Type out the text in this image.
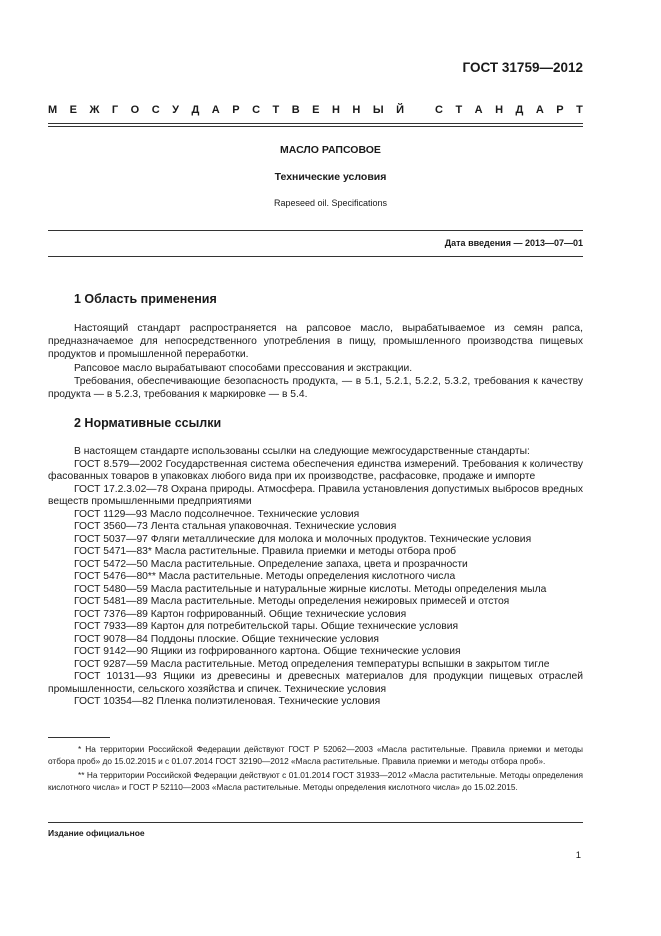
ГОСТ 31759—2012
М Е Ж Г О С У Д А Р С Т В Е Н Н Ы Й	С Т А Н Д А Р Т
МАСЛО РАПСОВОЕ
Технические условия
Rapeseed oil. Specifications
Дата введения — 2013—07—01
1 Область применения

Настоящий стандарт распространяется на рапсовое масло, вырабатываемое из семян рапса, предназначаемое для непосредственного употребления в пищу, промышленного производства пищевых продуктов и промышленной переработки.

Рапсовое масло вырабатывают способами прессования и экстракции.

Требования, обеспечивающие безопасность продукта, — в 5.1, 5.2.1, 5.2.2, 5.3.2, требования к качеству продукта — в 5.2.3, требования к маркировке — в 5.4.

2 Нормативные ссылки
В настоящем стандарте использованы ссылки на следующие межгосударственные стандарты:
ГОСТ 8.579—2002 Государственная система обеспечения единства измерений. Требования к количеству фасованных товаров в упаковках любого вида при их производстве, расфасовке, продаже и импорте
ГОСТ 17.2.3.02—78 Охрана природы. Атмосфера. Правила установления допустимых выбросов вредных веществ промышленными предприятиями
ГОСТ 1129—93 Масло подсолнечное. Технические условия
ГОСТ 3560—73 Лента стальная упаковочная. Технические условия
ГОСТ 5037—97 Фляги металлические для молока и молочных продуктов. Технические условия
ГОСТ 5471—83* Масла растительные. Правила приемки и методы отбора проб
ГОСТ 5472—50 Масла растительные. Определение запаха, цвета и прозрачности
ГОСТ 5476—80** Масла растительные. Методы определения кислотного числа
ГОСТ 5480—59 Масла растительные и натуральные жирные кислоты. Методы определения мыла
ГОСТ 5481—89 Масла растительные. Методы определения нежировых примесей и отстоя
ГОСТ 7376—89 Картон гофрированный. Общие технические условия
ГОСТ 7933—89 Картон для потребительской тары. Общие технические условия
ГОСТ 9078—84 Поддоны плоские. Общие технические условия
ГОСТ 9142—90 Ящики из гофрированного картона. Общие технические условия
ГОСТ 9287—59 Масла растительные. Метод определения температуры вспышки в закрытом тигле
ГОСТ 10131—93 Ящики из древесины и древесных материалов для продукции пищевых отраслей промышленности, сельского хозяйства и спичек. Технические условия
ГОСТ 10354—82 Пленка полиэтиленовая. Технические условия
* На территории Российской Федерации действуют ГОСТ Р 52062—2003 «Масла растительные. Правила приемки и методы отбора проб» до 15.02.2015 и с 01.07.2014 ГОСТ 32190—2012 «Масла растительные. Правила приемки и методы отбора проб».
** На территории Российской Федерации действуют с 01.01.2014 ГОСТ 31933—2012 «Масла растительные. Методы определения кислотного числа» и ГОСТ Р 52110—2003 «Масла растительные. Методы определения кислотного числа» до 15.02.2015.
Издание официальное
1
